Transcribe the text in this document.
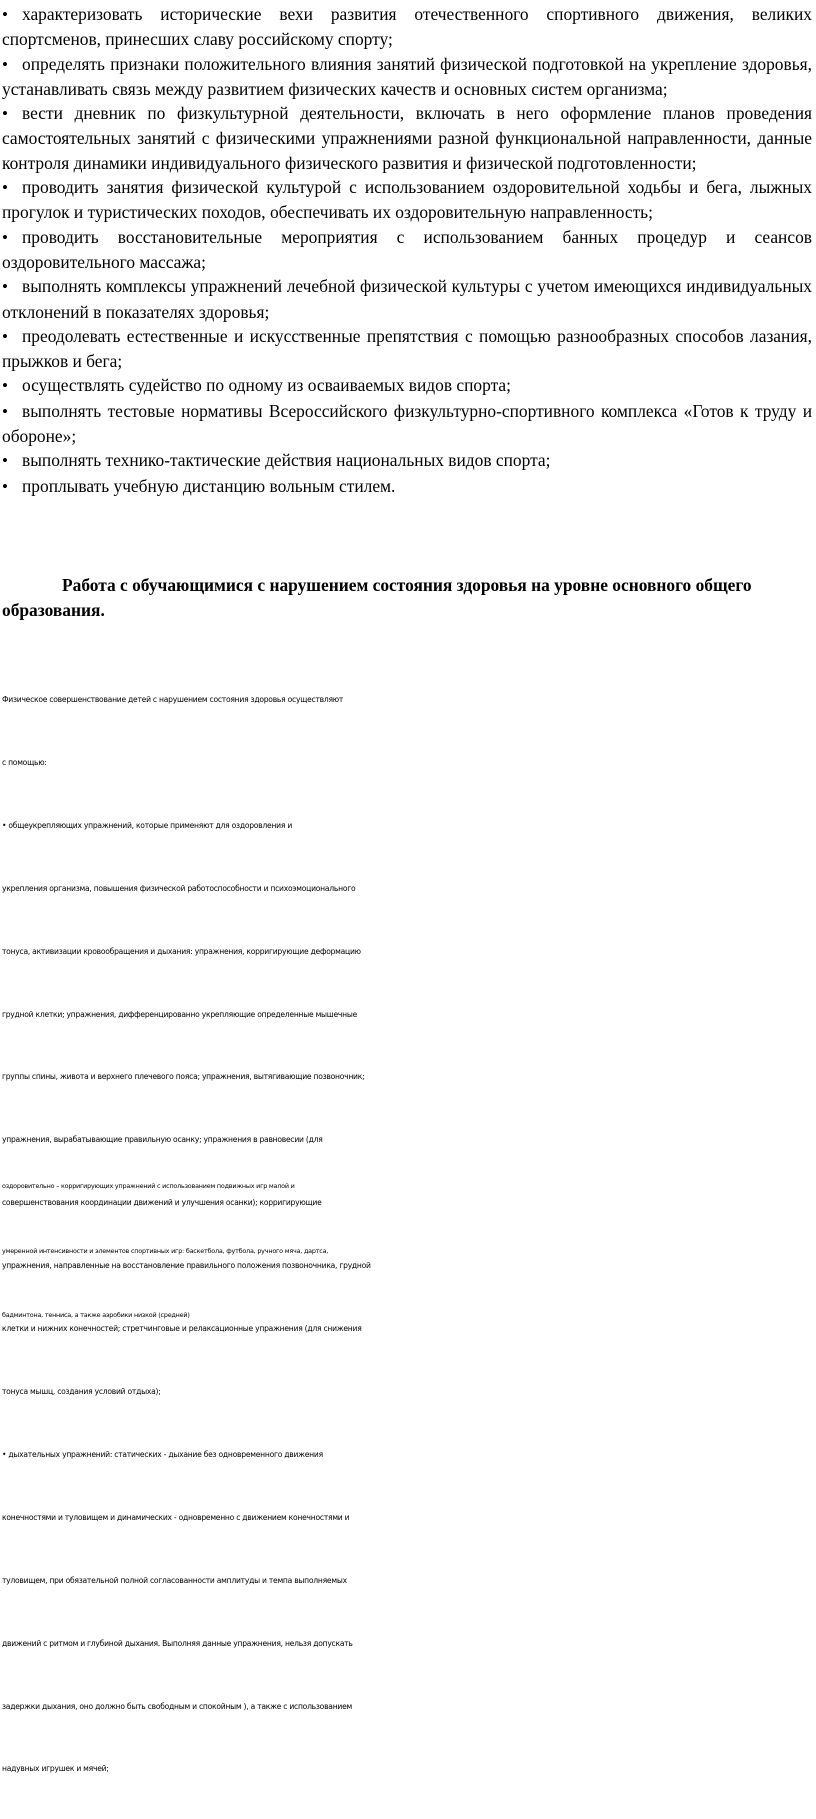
• характеризовать исторические вехи развития отечественного спортивного движения, великих спортсменов, принесших славу российскому спорту;

• определять признаки положительного влияния занятий физической подготовкой на укрепление здоровья, устанавливать связь между развитием физических качеств и основных систем организма;

• вести дневник по физкультурной деятельности, включать в него оформление планов проведения самостоятельных занятий с физическими упражнениями разной функциональной направленности, данные контроля динамики индивидуального физического развития и физической подготовленности;

• проводить занятия физической культурой с использованием оздоровительной ходьбы и бега, лыжных прогулок и туристических походов, обеспечивать их оздоровительную направленность;

• проводить восстановительные мероприятия с использованием банных процедур и сеансов оздоровительного массажа;

• выполнять комплексы упражнений лечебной физической культуры с учетом имеющихся индивидуальных отклонений в показателях здоровья;

• преодолевать естественные и искусственные препятствия с помощью разнообразных способов лазания, прыжков и бега;

• осуществлять судейство по одному из осваиваемых видов спорта;

• выполнять тестовые нормативы Всероссийского физкультурно-спортивного комплекса «Готов к труду и обороне»;

• выполнять технико-тактические действия национальных видов спорта;

• проплывать учебную дистанцию вольным стилем.

Работа с обучающимися с нарушением состояния здоровья на уровне основного общего образования.

Физическое совершенствование детей с нарушением состояния здоровья осуществляют

с помощью:

• общеукрепляющих упражнений, которые применяют для оздоровления и

укрепления организма, повышения физической работоспособности и психоэмоционального

тонуса, активизации кровообращения и дыхания: упражнения, корригирующие деформацию

грудной клетки; упражнения, дифференцированно укрепляющие определенные мышечные

группы спины, живота и верхнего плечевого пояса; упражнения, вытягивающие позвоночник;

упражнения, вырабатывающие правильную осанку; упражнения в равновесии (для

совершенствования координации движений и улучшения осанки); корригирующие

упражнения, направленные на восстановление правильного положения позвоночника, грудной

клетки и нижних конечностей; стретчинговые и релаксационные упражнения (для снижения

тонуса мышц, создания условий отдыха);

• дыхательных упражнений: статических - дыхание без одновременного движения

конечностями и туловищем и динамических - одновременно с движением конечностями и

туловищем, при обязательной полной согласованности амплитуды и темпа выполняемых

движений с ритмом и глубиной дыхания. Выполняя данные упражнения, нельзя допускать

задержки дыхания, оно должно быть свободным и спокойным ), а также с использованием

надувных игрушек и мячей;

оздоровительно – корригирующих упражнений с использованием подвижных игр малой и

умеренной интенсивности и элементов спортивных игр: баскетбола, футбола, ручного мяча, дартса,

бадминтона, тенниса, а также аэробики низкой (средней)
